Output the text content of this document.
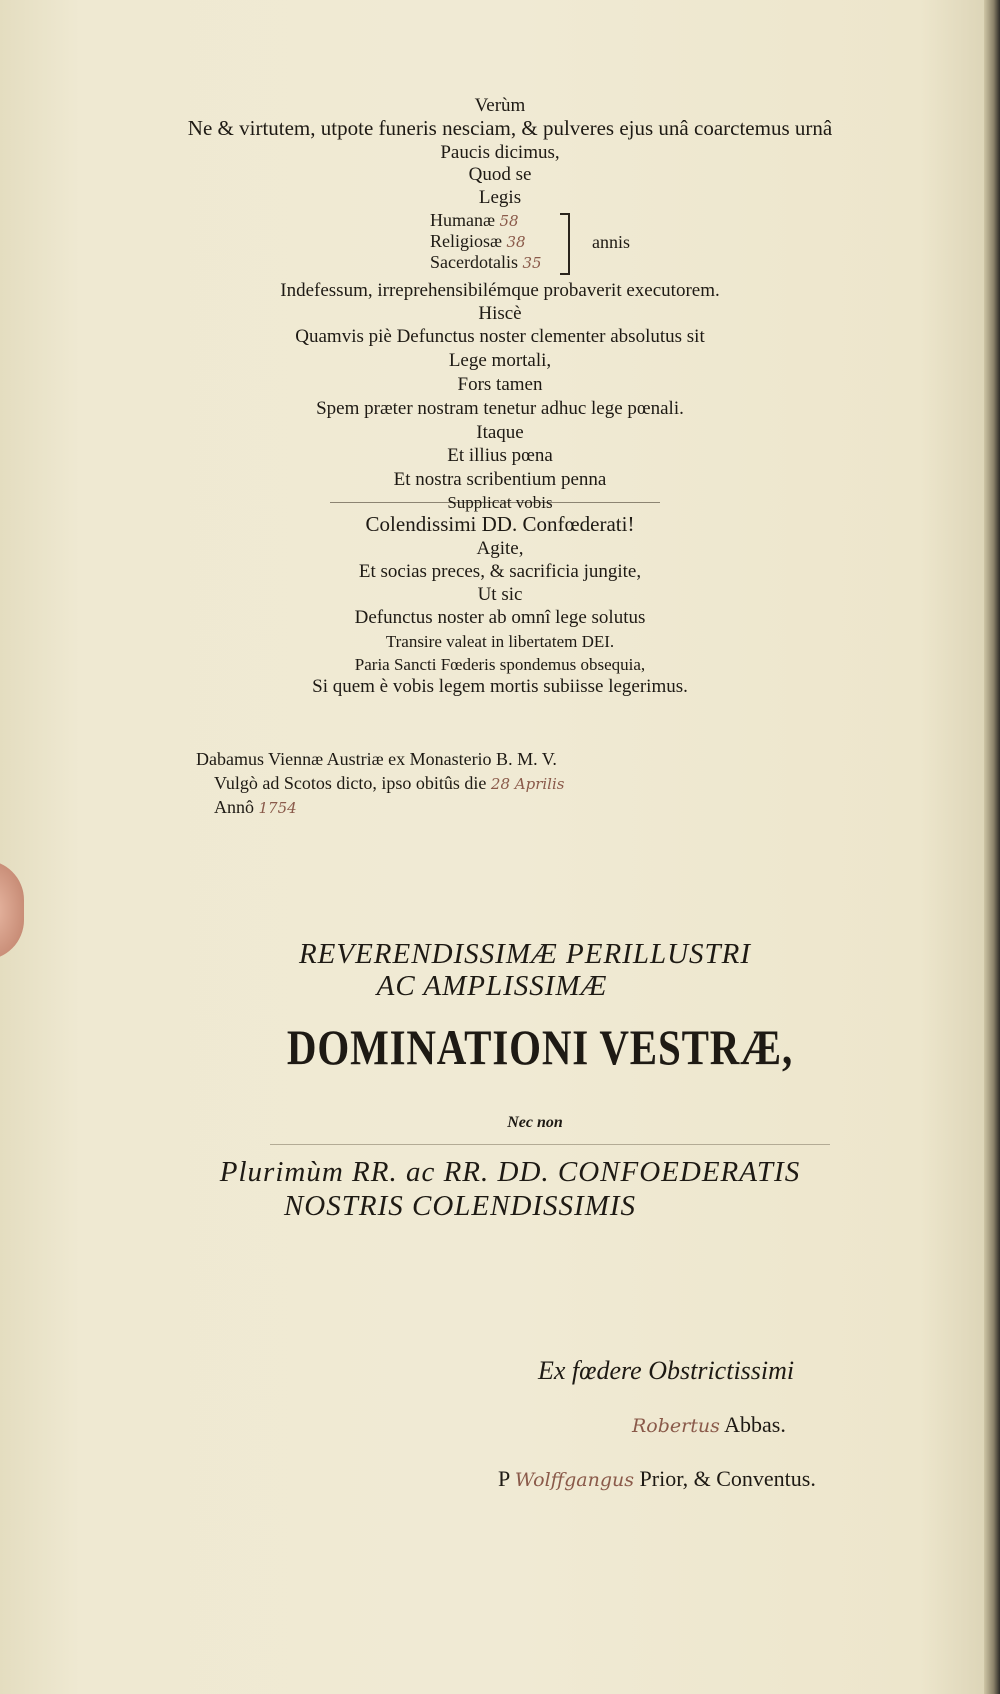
Verùm
Ne & virtutem, utpote funeris nesciam, & pulveres ejus unâ coarctemus urnâ
Paucis dicimus,
Quod se
Legis
Humanæ 58
Religiosæ 38
Sacerdotalis 35
annis
Indefessum, irreprehensibilémque probaverit executorem.
Hiscè
Quamvis piè Defunctus noster clementer absolutus sit
Lege mortali,
Fors tamen
Spem præter nostram tenetur adhuc lege pœnali.
Itaque
Et illius pœna
Et nostra scribentium penna
Supplicat vobis
Colendissimi DD. Confœderati!
Agite,
Et socias preces, & sacrificia jungite,
Ut sic
Defunctus noster ab omnî lege solutus
Transire valeat in libertatem DEI.
Paria Sancti Fœderis spondemus obsequia,
Si quem è vobis legem mortis subiisse legerimus.
Dabamus Viennæ Austriæ ex Monasterio B. M. V.
Vulgò ad Scotos dicto, ipso obitûs die 28 Aprilis
Annô 1754
REVERENDISSIMÆ PERILLUSTRI
AC AMPLISSIMÆ
DOMINATIONI VESTRÆ,
Nec non
Plurimùm RR. ac RR. DD. CONFOEDERATIS
NOSTRIS COLENDISSIMIS
Ex fœdere Obstrictissimi
Robertus Abbas.
P Wolffgangus Prior, & Conventus.
